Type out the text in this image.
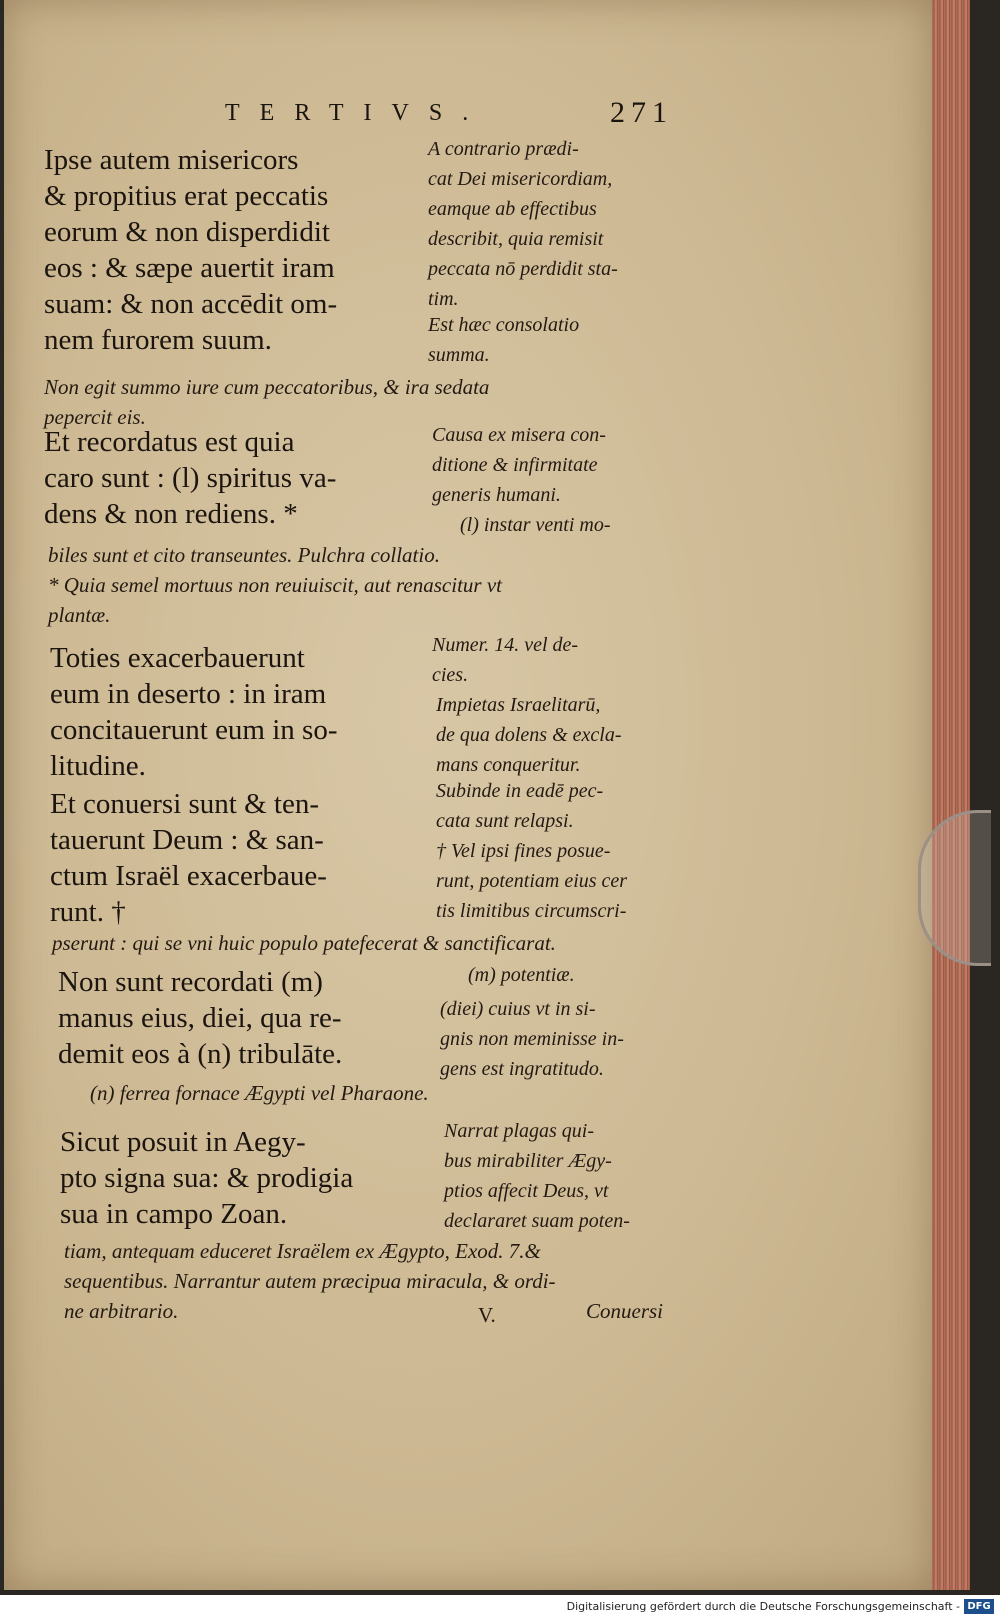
TERTIVS.	271

Ipse autem misericors
& propitius erat peccatis
eorum & non disperdidit
eos : & sæpe auertit iram
suam: & non accēdit om-
nem furorem suum.

A contrario prædi-
cat Dei misericordiam,
eamque ab effectibus
describit, quia remisit
peccata nō perdidit sta-
tim.

Est hæc consolatio
summa.

Non egit summo iure cum peccatoribus, & ira sedata
pepercit eis.

Et recordatus est quia
caro sunt : (l) spiritus va-
dens & non rediens. *

Causa ex misera con-
ditione & infirmitate
generis humani.

(l) instar venti mo-

biles sunt et cito transeuntes. Pulchra collatio.
* Quia semel mortuus non reuiuiscit, aut renascitur vt
plantæ.

Toties exacerbauerunt
eum in deserto : in iram
concitauerunt eum in so-
litudine.

Numer. 14. vel de-
cies.

Impietas Israelitarū,
de qua dolens & excla-
mans conqueritur.

Et conuersi sunt & ten-
tauerunt Deum : & san-
ctum Israël exacerbaue-
runt. †

Subinde in eadē pec-
cata sunt relapsi.

† Vel ipsi fines posue-
runt, potentiam eius cer
tis limitibus circumscri-

pserunt : qui se vni huic populo patefecerat & sanctificarat.

Non sunt recordati (m)
manus eius, diei, qua re-
demit eos à (n) tribulāte.

(m) potentiæ.

(diei) cuius vt in si-
gnis non meminisse in-
gens est ingratitudo.

(n) ferrea fornace Ægypti vel Pharaone.

Sicut posuit in Aegy-
pto signa sua: & prodigia
sua in campo Zoan.

Narrat plagas qui-
bus mirabiliter Ægy-
ptios affecit Deus, vt
declararet suam poten-

tiam, antequam educeret Israëlem ex Ægypto, Exod. 7.&
sequentibus. Narrantur autem præcipua miracula, & ordi-
ne arbitrario.	V.	Conuersi
Digitalisierung gefördert durch die Deutsche Forschungsgemeinschaft - DFG
